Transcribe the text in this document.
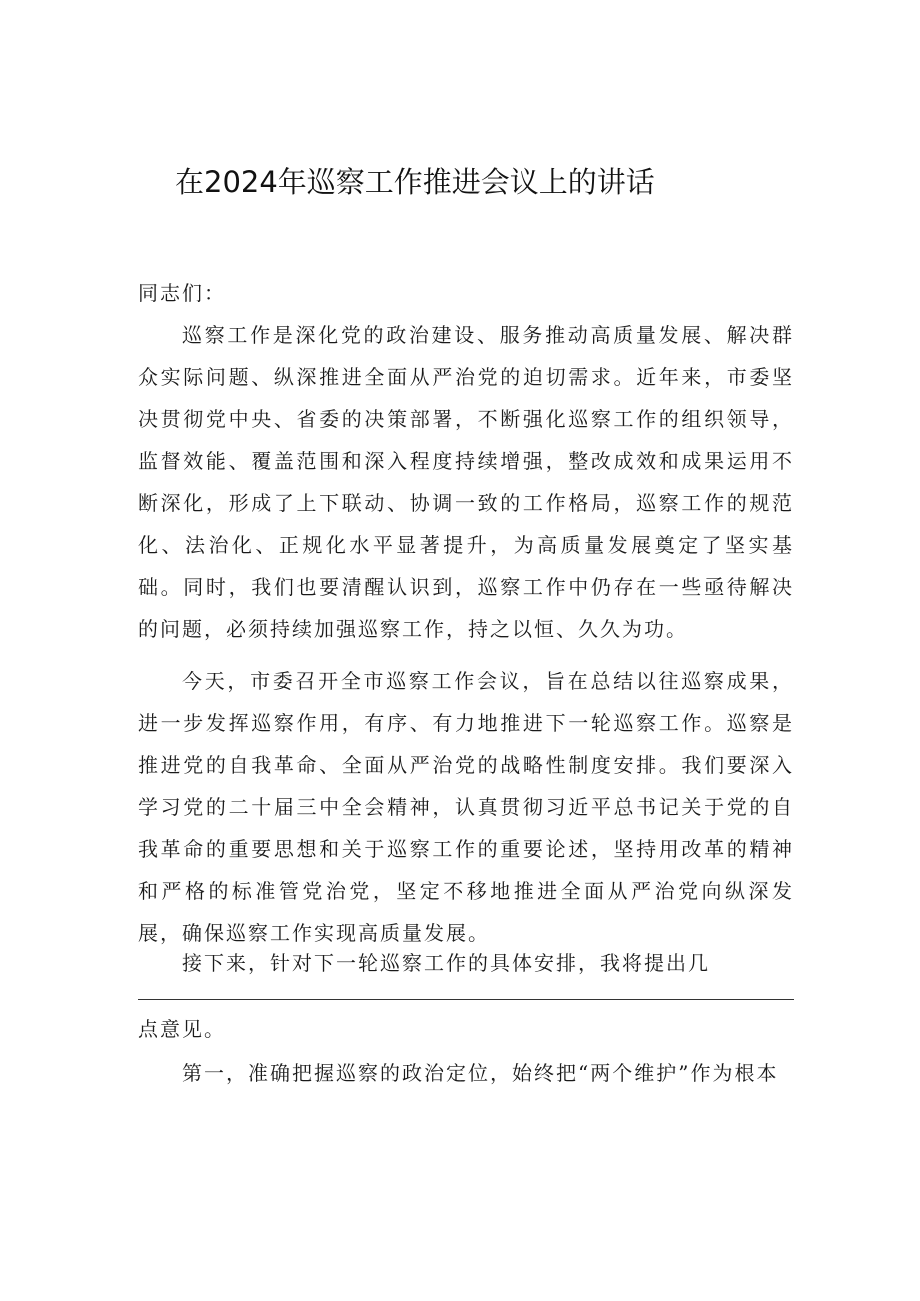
在2024年巡察工作推进会议上的讲话

同志们：

巡察工作是深化党的政治建设、服务推动高质量发展、解决群众实际问题、纵深推进全面从严治党的迫切需求。近年来，市委坚决贯彻党中央、省委的决策部署，不断强化巡察工作的组织领导，监督效能、覆盖范围和深入程度持续增强，整改成效和成果运用不断深化，形成了上下联动、协调一致的工作格局，巡察工作的规范化、法治化、正规化水平显著提升，为高质量发展奠定了坚实基础。同时，我们也要清醒认识到，巡察工作中仍存在一些亟待解决的问题，必须持续加强巡察工作，持之以恒、久久为功。

今天，市委召开全市巡察工作会议，旨在总结以往巡察成果，进一步发挥巡察作用，有序、有力地推进下一轮巡察工作。巡察是推进党的自我革命、全面从严治党的战略性制度安排。我们要深入学习党的二十届三中全会精神，认真贯彻习近平总书记关于党的自我革命的重要思想和关于巡察工作的重要论述，坚持用改革的精神和严格的标准管党治党，坚定不移地推进全面从严治党向纵深发展，确保巡察工作实现高质量发展。

接下来，针对下一轮巡察工作的具体安排，我将提出几

点意见。

第一，准确把握巡察的政治定位，始终把“两个维护”作为根本
